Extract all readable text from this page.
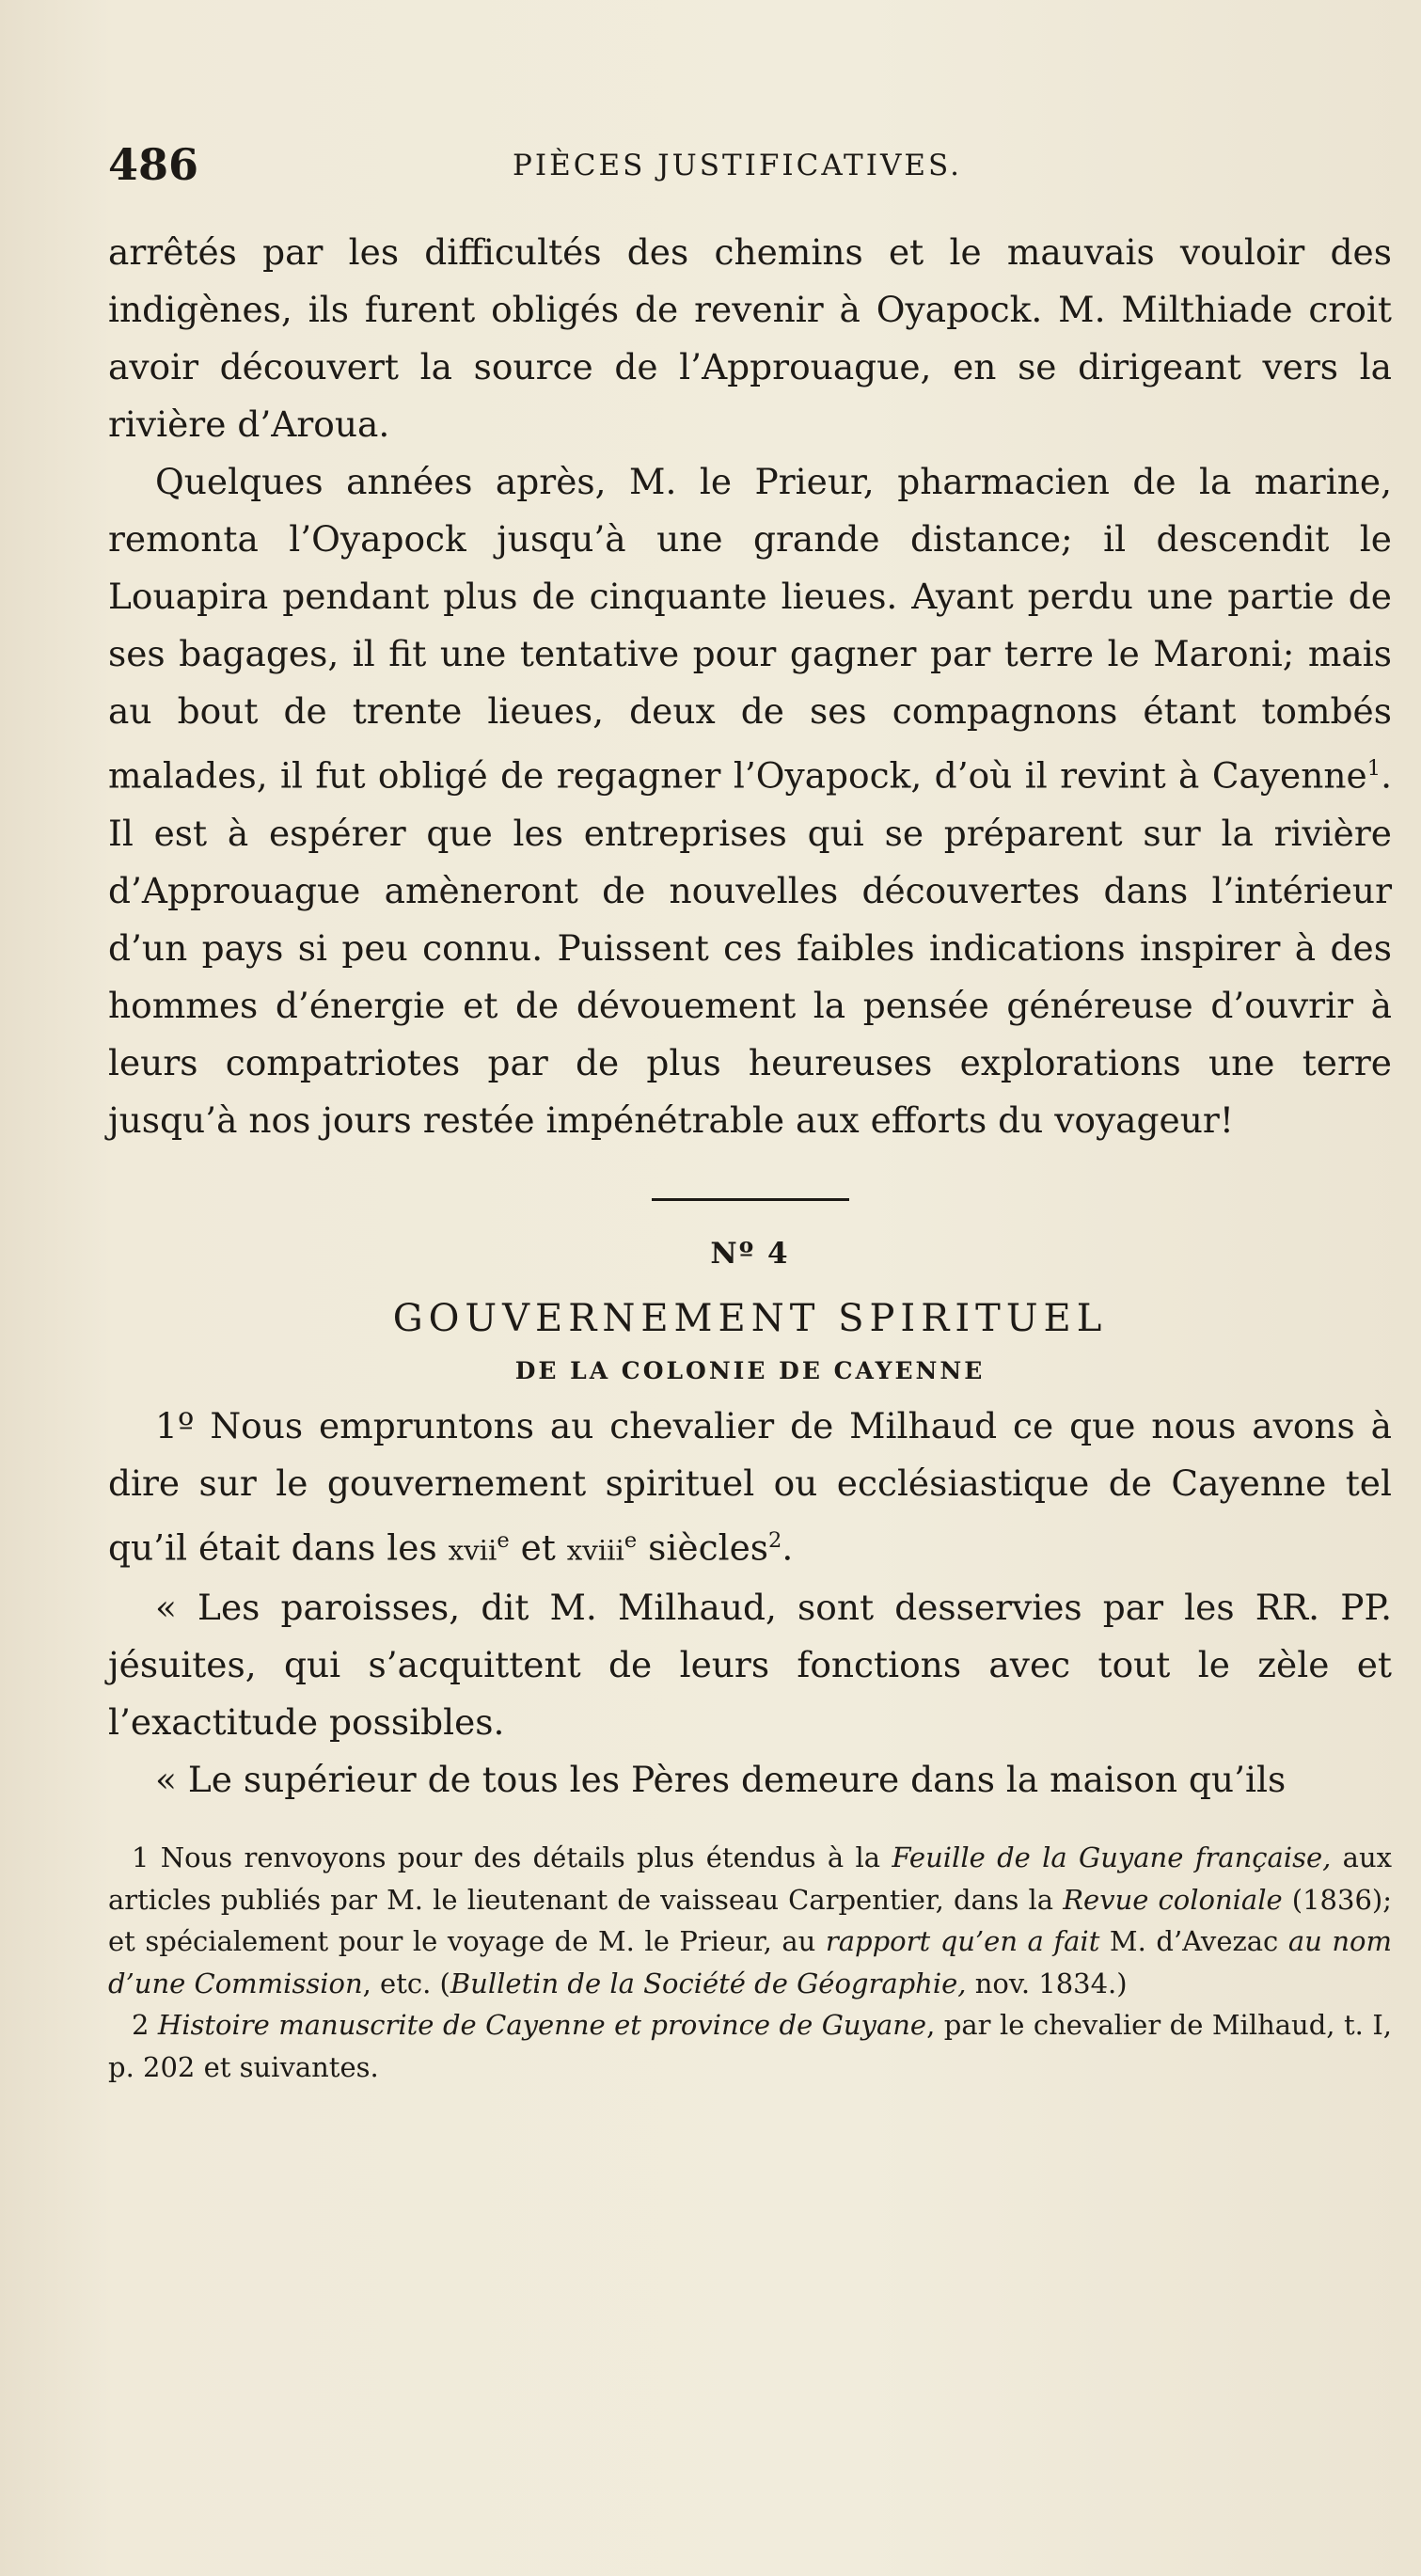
486	PIÈCES JUSTIFICATIVES.

arrêtés par les difficultés des chemins et le mauvais vouloir des indigènes, ils furent obligés de revenir à Oyapock. M. Milthiade croit avoir découvert la source de l’Approuague, en se dirigeant vers la rivière d’Aroua.

Quelques années après, M. le Prieur, pharmacien de la marine, remonta l’Oyapock jusqu’à une grande distance; il descendit le Louapira pendant plus de cinquante lieues. Ayant perdu une partie de ses bagages, il fit une tentative pour gagner par terre le Maroni; mais au bout de trente lieues, deux de ses compagnons étant tombés malades, il fut obligé de regagner l’Oyapock, d’où il revint à Cayenne$^1$. Il est à espérer que les entreprises qui se préparent sur la rivière d’Approuague amèneront de nouvelles découvertes dans l’intérieur d’un pays si peu connu. Puissent ces faibles indications inspirer à des hommes d’énergie et de dévouement la pensée généreuse d’ouvrir à leurs compatriotes par de plus heureuses explorations une terre jusqu’à nos jours restée impénétrable aux efforts du voyageur!

Nº 4
GOUVERNEMENT SPIRITUEL
DE LA COLONIE DE CAYENNE

1º Nous empruntons au chevalier de Milhaud ce que nous avons à dire sur le gouvernement spirituel ou ecclésiastique de Cayenne tel qu’il était dans les xvii$^e$ et xviii$^e$ siècles$^2$.

« Les paroisses, dit M. Milhaud, sont desservies par les RR. PP. jésuites, qui s’acquittent de leurs fonctions avec tout le zèle et l’exactitude possibles.

« Le supérieur de tous les Pères demeure dans la maison qu’ils

1 Nous renvoyons pour des détails plus étendus à la Feuille de la Guyane française, aux articles publiés par M. le lieutenant de vaisseau Carpentier, dans la Revue coloniale (1836); et spécialement pour le voyage de M. le Prieur, au rapport qu’en a fait M. d’Avezac au nom d’une Commission, etc. (Bulletin de la Société de Géographie, nov. 1834.)

2 Histoire manuscrite de Cayenne et province de Guyane, par le chevalier de Milhaud, t. I, p. 202 et suivantes.
